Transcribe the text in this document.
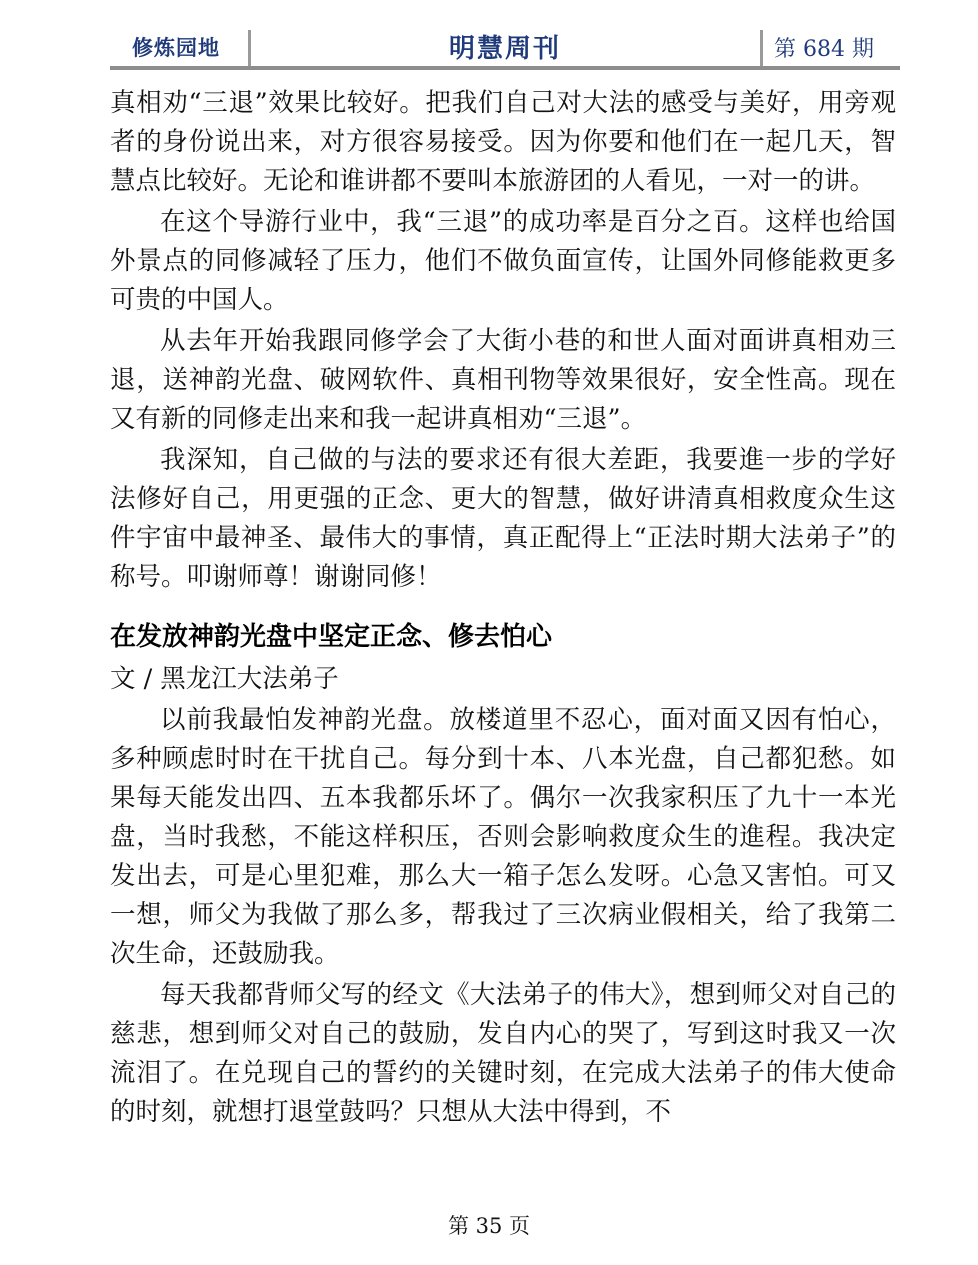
修炼园地	明慧周刊	第 684 期

真相劝“三退”效果比较好。把我们自己对大法的感受与美好，用旁观者的身份说出来，对方很容易接受。因为你要和他们在一起几天，智慧点比较好。无论和谁讲都不要叫本旅游团的人看见，一对一的讲。

在这个导游行业中，我“三退”的成功率是百分之百。这样也给国外景点的同修减轻了压力，他们不做负面宣传，让国外同修能救更多可贵的中国人。

从去年开始我跟同修学会了大街小巷的和世人面对面讲真相劝三退，送神韵光盘、破网软件、真相刊物等效果很好，安全性高。现在又有新的同修走出来和我一起讲真相劝“三退”。

我深知，自己做的与法的要求还有很大差距，我要進一步的学好法修好自己，用更强的正念、更大的智慧，做好讲清真相救度众生这件宇宙中最神圣、最伟大的事情，真正配得上“正法时期大法弟子”的称号。叩谢师尊！谢谢同修！

在发放神韵光盘中坚定正念、修去怕心
文 / 黑龙江大法弟子

以前我最怕发神韵光盘。放楼道里不忍心，面对面又因有怕心，多种顾虑时时在干扰自己。每分到十本、八本光盘，自己都犯愁。如果每天能发出四、五本我都乐坏了。偶尔一次我家积压了九十一本光盘，当时我愁，不能这样积压，否则会影响救度众生的進程。我决定发出去，可是心里犯难，那么大一箱子怎么发呀。心急又害怕。可又一想，师父为我做了那么多，帮我过了三次病业假相关，给了我第二次生命，还鼓励我。

每天我都背师父写的经文《大法弟子的伟大》，想到师父对自己的慈悲，想到师父对自己的鼓励，发自内心的哭了，写到这时我又一次流泪了。在兑现自己的誓约的关键时刻，在完成大法弟子的伟大使命的时刻，就想打退堂鼓吗？只想从大法中得到，不

第 35 页
